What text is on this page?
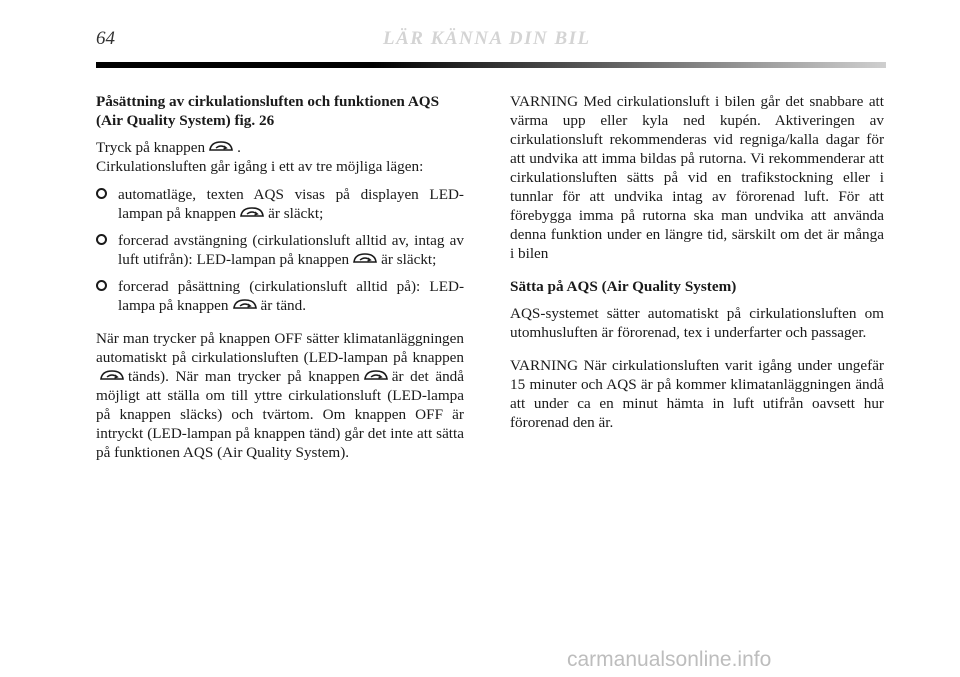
64	LÄR KÄNNA DIN BIL

Påsättning av cirkulationsluften och funktionen AQS (Air Quality System) fig. 26

Tryck på knappen .
Cirkulationsluften går igång i ett av tre möjliga lägen:

automatläge, texten AQS visas på displayen LED-lampan på knappen är släckt;
forcerad avstängning (cirkulationsluft alltid av, intag av luft utifrån): LED-lampan på knappen är släckt;
forcerad påsättning (cirkulationsluft alltid på): LED-lampa på knappen är tänd.

När man trycker på knappen OFF sätter klimatanläggningen automatiskt på cirkulationsluften (LED-lampan på knappen
tänds). När man trycker på knappen är det ändå möjligt att ställa om till yttre cirkulationsluft (LED-lampa på knappen släcks) och tvärtom. Om knappen OFF är intryckt (LED-lampan på knappen tänd) går det inte att sätta på funktionen AQS (Air Quality System).

VARNING Med cirkulationsluft i bilen går det snabbare att värma upp eller kyla ned kupén. Aktiveringen av cirkulationsluft rekommenderas vid regniga/kalla dagar för att undvika att imma bildas på rutorna. Vi rekommenderar att cirkulationsluften sätts på vid en trafikstockning eller i tunnlar för att undvika intag av förorenad luft. För att förebygga imma på rutorna ska man undvika att använda denna funktion under en längre tid, särskilt om det är många i bilen

Sätta på AQS (Air Quality System)

AQS-systemet sätter automatiskt på cirkulationsluften om utomhusluften är förorenad, tex i underfarter och passager.

VARNING När cirkulationsluften varit igång under ungefär 15 minuter och AQS är på kommer klimatanläggningen ändå att under ca en minut hämta in luft utifrån oavsett hur förorenad den är.

carmanualsonline.info
